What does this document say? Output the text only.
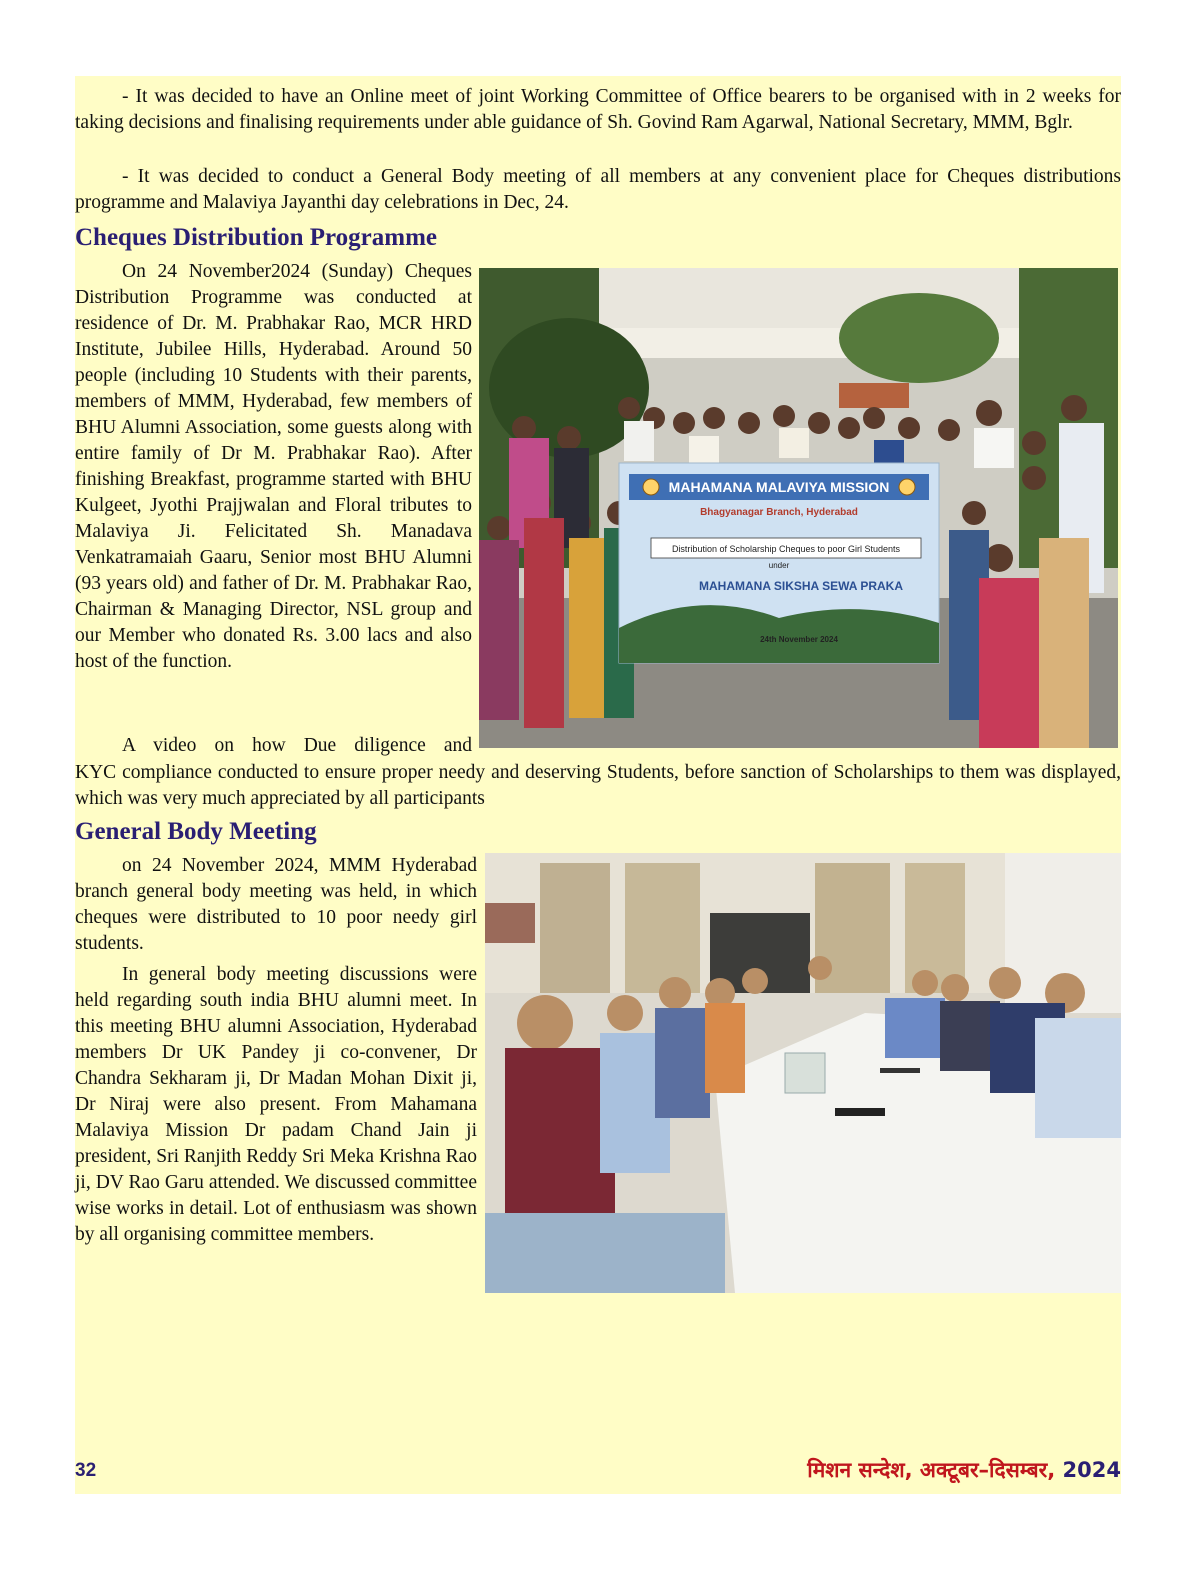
- It was decided to have an Online meet of joint Working Committee of Office bearers to be organised with in 2 weeks for taking decisions and finalising requirements under able guidance of Sh. Govind Ram Agarwal, National Secretary, MMM, Bglr.

- It was decided to conduct a General Body meeting of all members at any convenient place for Cheques distributions programme and Malaviya Jayanthi day celebrations in Dec, 24.

Cheques Distribution Programme

On 24 November2024 (Sunday) Cheques Distribution Programme was conducted at residence of Dr. M. Prabhakar Rao, MCR HRD Institute, Jubilee Hills, Hyderabad. Around 50 people (including 10 Students with their parents, members of MMM, Hyderabad, few members of BHU Alumni Association, some guests along with entire family of Dr M. Prabhakar Rao). After finishing Breakfast, programme started with BHU Kulgeet, Jyothi Prajjwalan and Floral tributes to Malaviya Ji. Felicitated Sh. Manadava Venkatramaiah Gaaru, Senior most BHU Alumni (93 years old) and father of Dr. M. Prabhakar Rao, Chairman & Managing Director, NSL group and our Member who donated Rs. 3.00 lacs and also host of the function.

A video on how Due diligence and

KYC compliance conducted to ensure proper needy and deserving Students, before sanction of Scholarships to them was displayed, which was very much appreciated by all participants

MAHAMANA MALAVIYA MISSION
Bhagyanagar Branch, Hyderabad
Distribution of Scholarship Cheques to poor Girl Students
under
MAHAMANA SIKSHA SEWA PRAKA
24th November 2024
General Body Meeting

on 24 November 2024, MMM Hyderabad branch general body meeting was held, in which cheques were distributed to 10 poor needy girl students.

In general body meeting discussions were held regarding south india BHU alumni meet. In this meeting BHU alumni Association, Hyderabad members Dr UK Pandey ji co-convener, Dr Chandra Sekharam ji, Dr Madan Mohan Dixit ji, Dr Niraj were also present. From Mahamana Malaviya Mission Dr padam Chand Jain ji president, Sri Ranjith Reddy Sri Meka Krishna Rao ji, DV Rao Garu attended. We discussed committee wise works in detail. Lot of enthusiasm was shown by all organising committee members.

32	मिशन सन्देश, अक्टूबर–दिसम्बर, 2024
